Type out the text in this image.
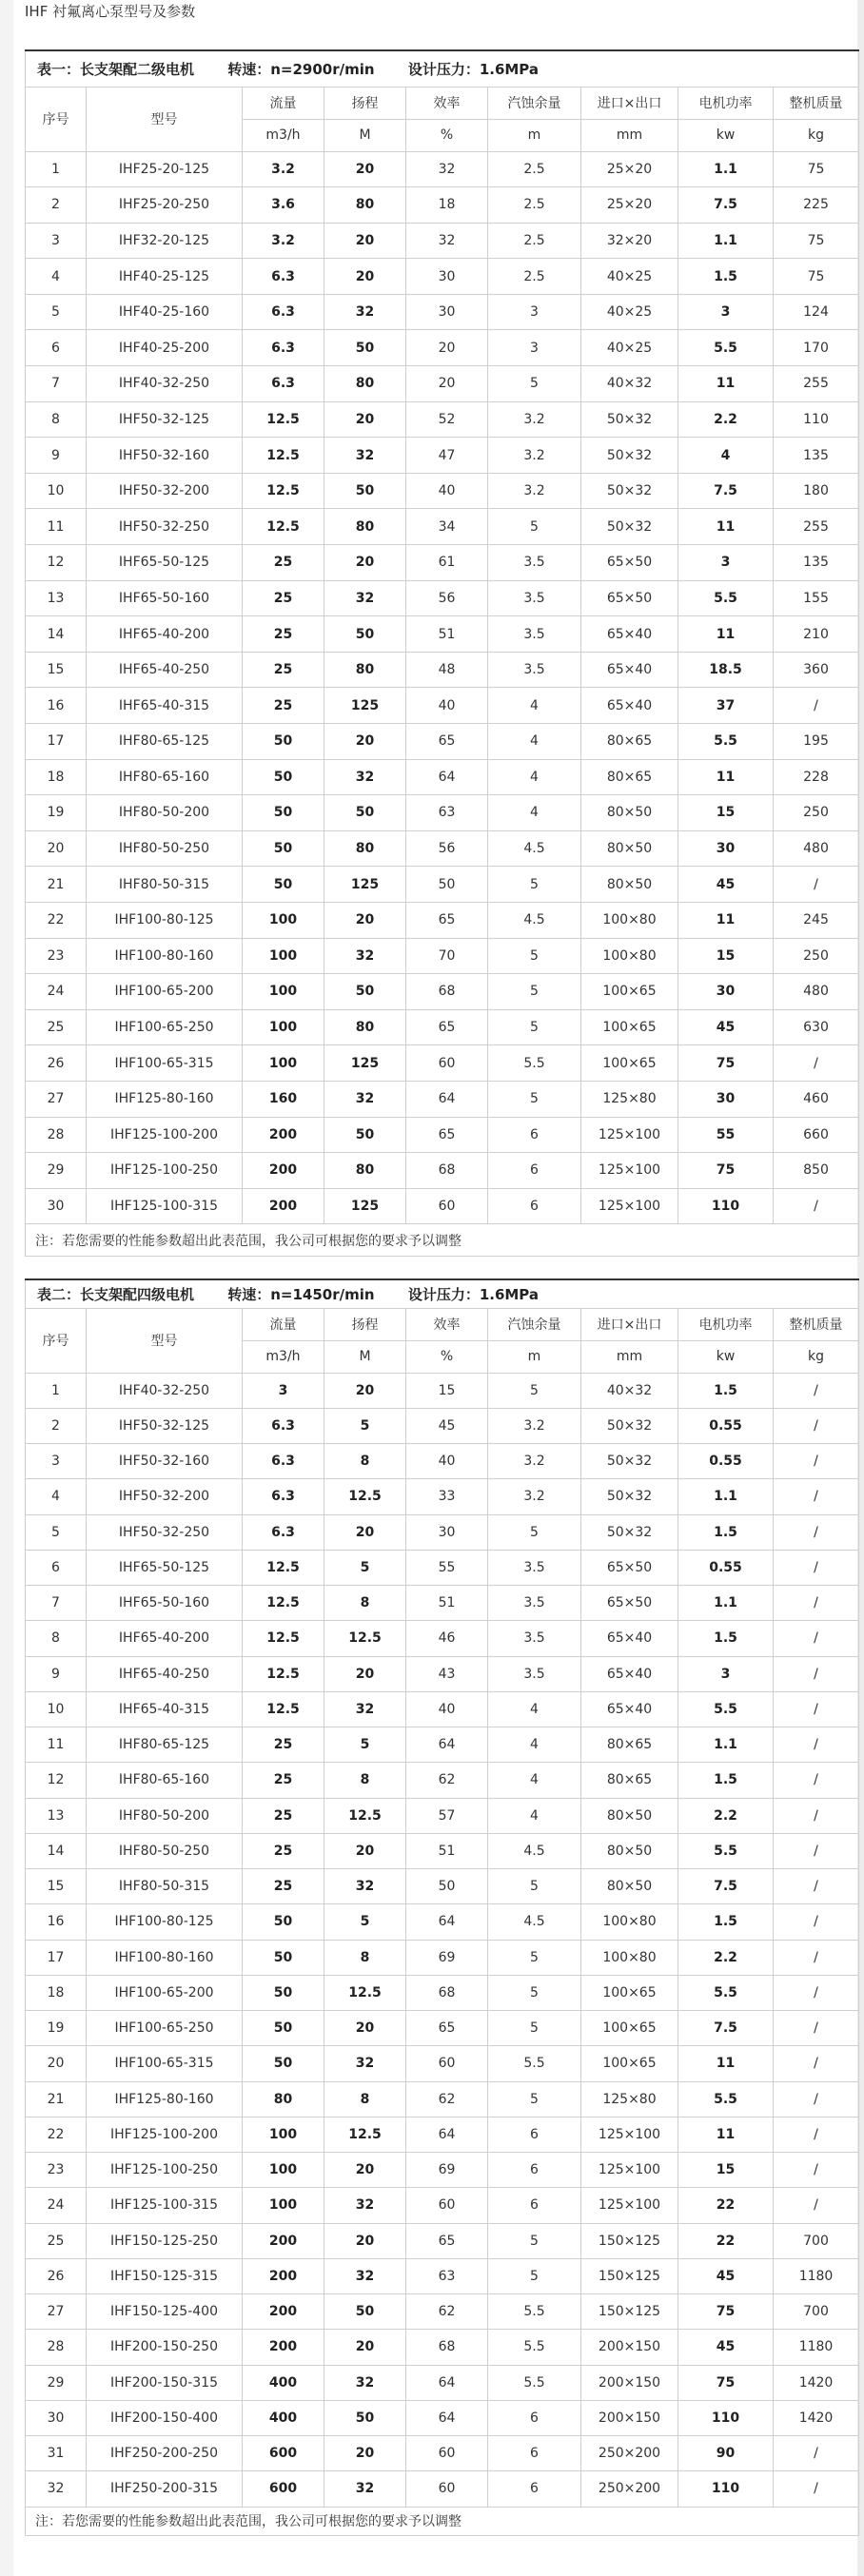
IHF 衬氟离心泵型号及参数
表一：长支架配二级电机 转速：n=2900r/min 设计压力：1.6MPa								
序号	型号	流量	扬程	效率	汽蚀余量	进口×出口	电机功率	整机质量
		m3/h	M	%	m	mm	kw	kg
1	IHF25-20-125	3.2	20	32	2.5	25×20	1.1	75
2	IHF25-20-250	3.6	80	18	2.5	25×20	7.5	225
3	IHF32-20-125	3.2	20	32	2.5	32×20	1.1	75
4	IHF40-25-125	6.3	20	30	2.5	40×25	1.5	75
5	IHF40-25-160	6.3	32	30	3	40×25	3	124
6	IHF40-25-200	6.3	50	20	3	40×25	5.5	170
7	IHF40-32-250	6.3	80	20	5	40×32	11	255
8	IHF50-32-125	12.5	20	52	3.2	50×32	2.2	110
9	IHF50-32-160	12.5	32	47	3.2	50×32	4	135
10	IHF50-32-200	12.5	50	40	3.2	50×32	7.5	180
11	IHF50-32-250	12.5	80	34	5	50×32	11	255
12	IHF65-50-125	25	20	61	3.5	65×50	3	135
13	IHF65-50-160	25	32	56	3.5	65×50	5.5	155
14	IHF65-40-200	25	50	51	3.5	65×40	11	210
15	IHF65-40-250	25	80	48	3.5	65×40	18.5	360
16	IHF65-40-315	25	125	40	4	65×40	37	/
17	IHF80-65-125	50	20	65	4	80×65	5.5	195
18	IHF80-65-160	50	32	64	4	80×65	11	228
19	IHF80-50-200	50	50	63	4	80×50	15	250
20	IHF80-50-250	50	80	56	4.5	80×50	30	480
21	IHF80-50-315	50	125	50	5	80×50	45	/
22	IHF100-80-125	100	20	65	4.5	100×80	11	245
23	IHF100-80-160	100	32	70	5	100×80	15	250
24	IHF100-65-200	100	50	68	5	100×65	30	480
25	IHF100-65-250	100	80	65	5	100×65	45	630
26	IHF100-65-315	100	125	60	5.5	100×65	75	/
27	IHF125-80-160	160	32	64	5	125×80	30	460
28	IHF125-100-200	200	50	65	6	125×100	55	660
29	IHF125-100-250	200	80	68	6	125×100	75	850
30	IHF125-100-315	200	125	60	6	125×100	110	/
注：若您需要的性能参数超出此表范围，我公司可根据您的要求予以调整								
表二：长支架配四级电机 转速：n=1450r/min 设计压力：1.6MPa								
序号	型号	流量	扬程	效率	汽蚀余量	进口×出口	电机功率	整机质量
		m3/h	M	%	m	mm	kw	kg
1	IHF40-32-250	3	20	15	5	40×32	1.5	/
2	IHF50-32-125	6.3	5	45	3.2	50×32	0.55	/
3	IHF50-32-160	6.3	8	40	3.2	50×32	0.55	/
4	IHF50-32-200	6.3	12.5	33	3.2	50×32	1.1	/
5	IHF50-32-250	6.3	20	30	5	50×32	1.5	/
6	IHF65-50-125	12.5	5	55	3.5	65×50	0.55	/
7	IHF65-50-160	12.5	8	51	3.5	65×50	1.1	/
8	IHF65-40-200	12.5	12.5	46	3.5	65×40	1.5	/
9	IHF65-40-250	12.5	20	43	3.5	65×40	3	/
10	IHF65-40-315	12.5	32	40	4	65×40	5.5	/
11	IHF80-65-125	25	5	64	4	80×65	1.1	/
12	IHF80-65-160	25	8	62	4	80×65	1.5	/
13	IHF80-50-200	25	12.5	57	4	80×50	2.2	/
14	IHF80-50-250	25	20	51	4.5	80×50	5.5	/
15	IHF80-50-315	25	32	50	5	80×50	7.5	/
16	IHF100-80-125	50	5	64	4.5	100×80	1.5	/
17	IHF100-80-160	50	8	69	5	100×80	2.2	/
18	IHF100-65-200	50	12.5	68	5	100×65	5.5	/
19	IHF100-65-250	50	20	65	5	100×65	7.5	/
20	IHF100-65-315	50	32	60	5.5	100×65	11	/
21	IHF125-80-160	80	8	62	5	125×80	5.5	/
22	IHF125-100-200	100	12.5	64	6	125×100	11	/
23	IHF125-100-250	100	20	69	6	125×100	15	/
24	IHF125-100-315	100	32	60	6	125×100	22	/
25	IHF150-125-250	200	20	65	5	150×125	22	700
26	IHF150-125-315	200	32	63	5	150×125	45	1180
27	IHF150-125-400	200	50	62	5.5	150×125	75	700
28	IHF200-150-250	200	20	68	5.5	200×150	45	1180
29	IHF200-150-315	400	32	64	5.5	200×150	75	1420
30	IHF200-150-400	400	50	64	6	200×150	110	1420
31	IHF250-200-250	600	20	60	6	250×200	90	/
32	IHF250-200-315	600	32	60	6	250×200	110	/
注：若您需要的性能参数超出此表范围，我公司可根据您的要求予以调整								
